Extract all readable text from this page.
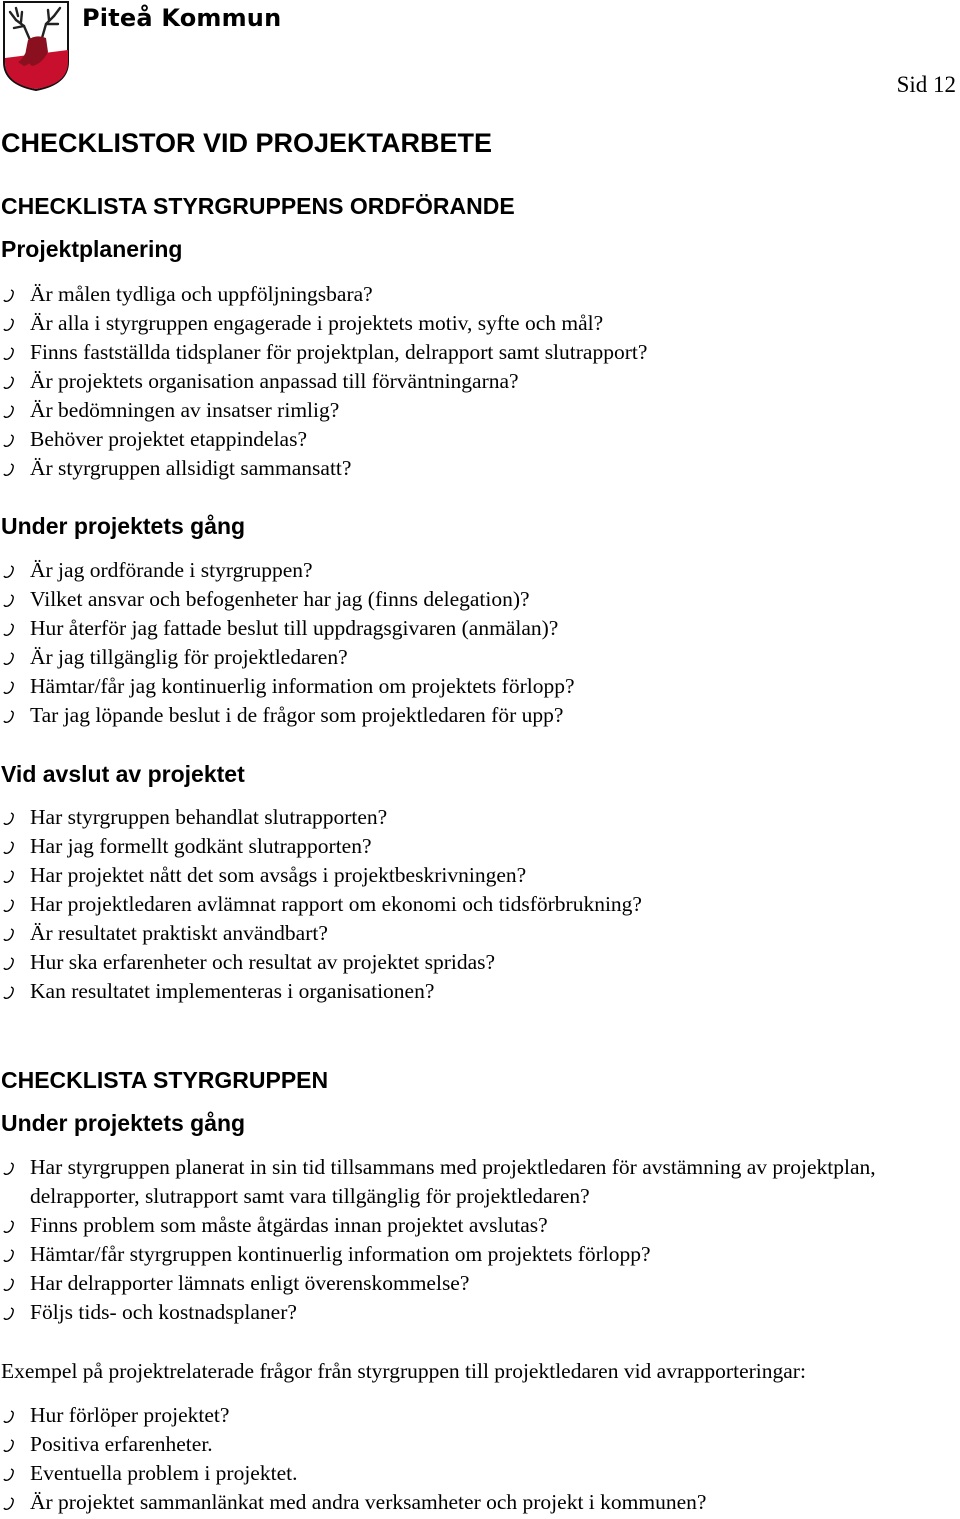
Piteå Kommun
Sid 12
CHECKLISTOR VID PROJEKTARBETE
CHECKLISTA STYRGRUPPENS ORDFÖRANDE
Projektplanering
Är målen tydliga och uppföljningsbara?
Är alla i styrgruppen engagerade i projektets motiv, syfte och mål?
Finns fastställda tidsplaner för projektplan, delrapport samt slutrapport?
Är projektets organisation anpassad till förväntningarna?
Är bedömningen av insatser rimlig?
Behöver projektet etappindelas?
Är styrgruppen allsidigt sammansatt?
Under projektets gång
Är jag ordförande i styrgruppen?
Vilket ansvar och befogenheter har jag (finns delegation)?
Hur återför jag fattade beslut till uppdragsgivaren (anmälan)?
Är jag tillgänglig för projektledaren?
Hämtar/får jag kontinuerlig information om projektets förlopp?
Tar jag löpande beslut i de frågor som projektledaren för upp?
Vid avslut av projektet
Har styrgruppen behandlat slutrapporten?
Har jag formellt godkänt slutrapporten?
Har projektet nått det som avsågs i projektbeskrivningen?
Har projektledaren avlämnat rapport om ekonomi och tidsförbrukning?
Är resultatet praktiskt användbart?
Hur ska erfarenheter och resultat av projektet spridas?
Kan resultatet implementeras i organisationen?
CHECKLISTA STYRGRUPPEN
Under projektets gång
Har styrgruppen planerat in sin tid tillsammans med projektledaren för avstämning av projektplan, delrapporter, slutrapport samt vara tillgänglig för projektledaren?
Finns problem som måste åtgärdas innan projektet avslutas?
Hämtar/får styrgruppen kontinuerlig information om projektets förlopp?
Har delrapporter lämnats enligt överenskommelse?
Följs tids- och kostnadsplaner?

Exempel på projektrelaterade frågor från styrgruppen till projektledaren vid avrapporteringar:

Hur förlöper projektet?
Positiva erfarenheter.
Eventuella problem i projektet.
Är projektet sammanlänkat med andra verksamheter och projekt i kommunen?
